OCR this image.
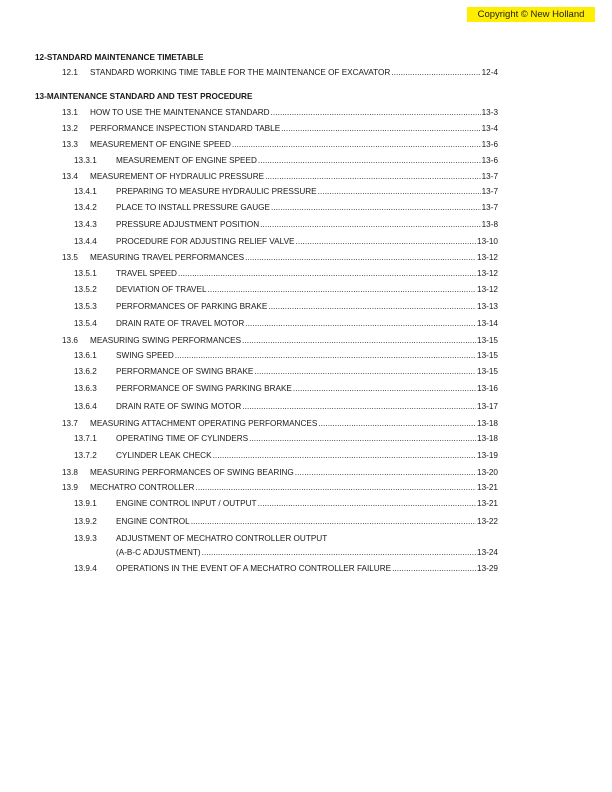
Copyright © New Holland
12-STANDARD MAINTENANCE TIMETABLE
12.1	STANDARD WORKING TIME TABLE FOR THE MAINTENANCE OF EXCAVATOR . . .	12-4
13-MAINTENANCE STANDARD AND TEST PROCEDURE
13.1	HOW TO USE THE MAINTENANCE STANDARD . . .	13-3
13.2	PERFORMANCE INSPECTION STANDARD TABLE . . .	13-4
13.3	MEASUREMENT OF ENGINE SPEED . . .	13-6
13.3.1	MEASUREMENT OF ENGINE SPEED . . .	13-6
13.4	MEASUREMENT OF HYDRAULIC PRESSURE . . .	13-7
13.4.1	PREPARING TO MEASURE HYDRAULIC PRESSURE . . .	13-7
13.4.2	PLACE TO INSTALL PRESSURE GAUGE . . .	13-7
13.4.3	PRESSURE ADJUSTMENT POSITION . . .	13-8
13.4.4	PROCEDURE FOR ADJUSTING RELIEF VALVE . . .	13-10
13.5	MEASURING TRAVEL PERFORMANCES . . .	13-12
13.5.1	TRAVEL SPEED . . .	13-12
13.5.2	DEVIATION OF TRAVEL . . .	13-12
13.5.3	PERFORMANCES OF PARKING BRAKE . . .	13-13
13.5.4	DRAIN RATE OF TRAVEL MOTOR . . .	13-14
13.6	MEASURING SWING PERFORMANCES . . .	13-15
13.6.1	SWING SPEED . . .	13-15
13.6.2	PERFORMANCE OF SWING BRAKE . . .	13-15
13.6.3	PERFORMANCE OF SWING PARKING BRAKE . . .	13-16
13.6.4	DRAIN RATE OF SWING MOTOR . . .	13-17
13.7	MEASURING ATTACHMENT OPERATING PERFORMANCES . . .	13-18
13.7.1	OPERATING TIME OF CYLINDERS . . .	13-18
13.7.2	CYLINDER LEAK CHECK . . .	13-19
13.8	MEASURING PERFORMANCES OF SWING BEARING . . .	13-20
13.9	MECHATRO CONTROLLER . . .	13-21
13.9.1	ENGINE CONTROL INPUT / OUTPUT . . .	13-21
13.9.2	ENGINE CONTROL . . .	13-22
13.9.3	ADJUSTMENT OF MECHATRO CONTROLLER OUTPUT
(A-B-C ADJUSTMENT) . . .	13-24
13.9.4	OPERATIONS IN THE EVENT OF A MECHATRO CONTROLLER FAILURE . . .	13-29
